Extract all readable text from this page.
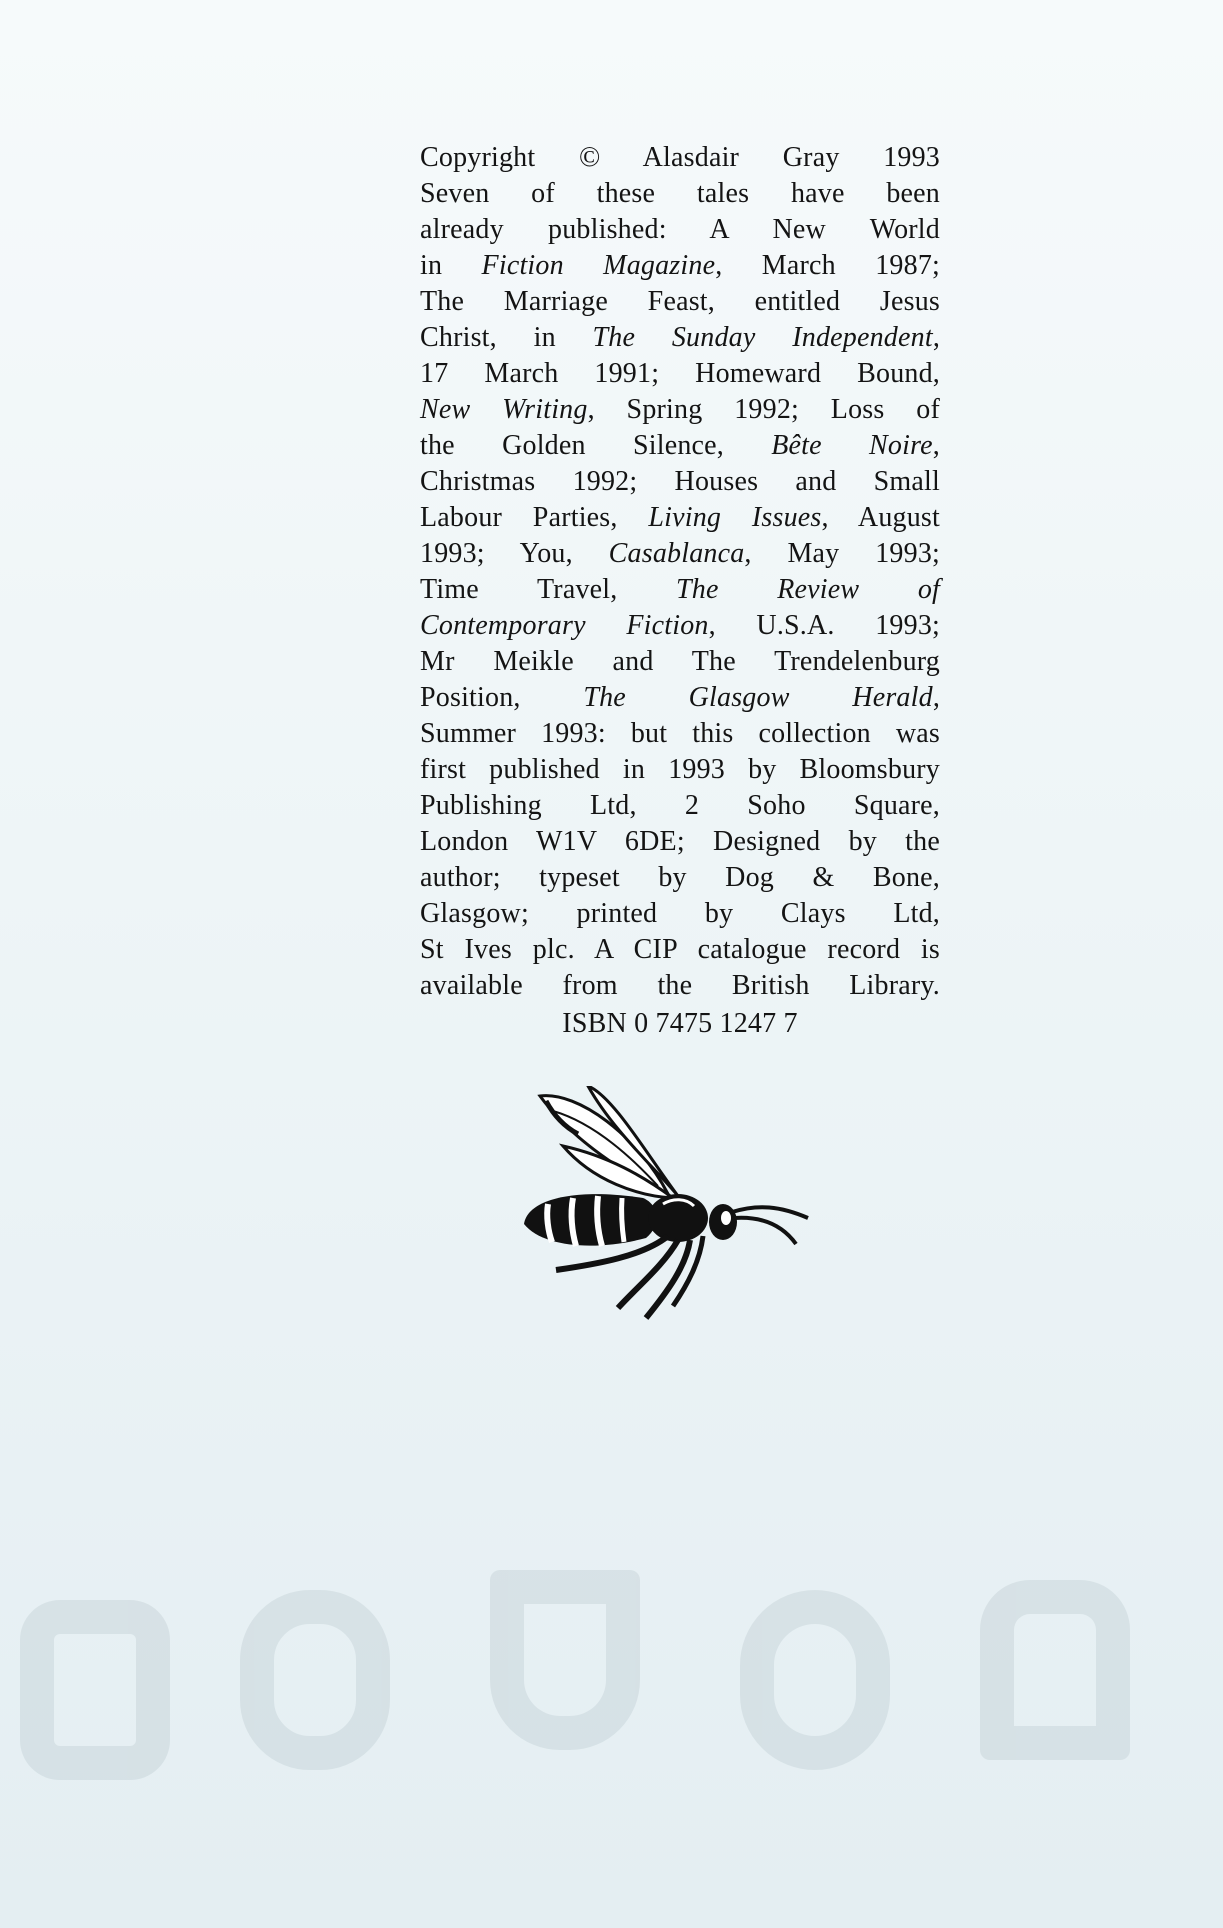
Copyright © Alasdair Gray 1993

Seven of these tales have been

already published: A New World

in Fiction Magazine, March 1987;

The Marriage Feast, entitled Jesus

Christ, in The Sunday Independent,

17 March 1991; Homeward Bound,

New Writing, Spring 1992; Loss of

the Golden Silence, Bête Noire,

Christmas 1992; Houses and Small

Labour Parties, Living Issues, August

1993; You, Casablanca, May 1993;

Time Travel, The Review of

Contemporary Fiction, U.S.A. 1993;

Mr Meikle and The Trendelenburg

Position, The Glasgow Herald,

Summer 1993: but this collection was

first published in 1993 by Bloomsbury

Publishing Ltd, 2 Soho Square,

London W1V 6DE; Designed by the

author; typeset by Dog & Bone,

Glasgow; printed by Clays Ltd,

St Ives plc. A CIP catalogue record is

available from the British Library.

ISBN 0 7475 1247 7
